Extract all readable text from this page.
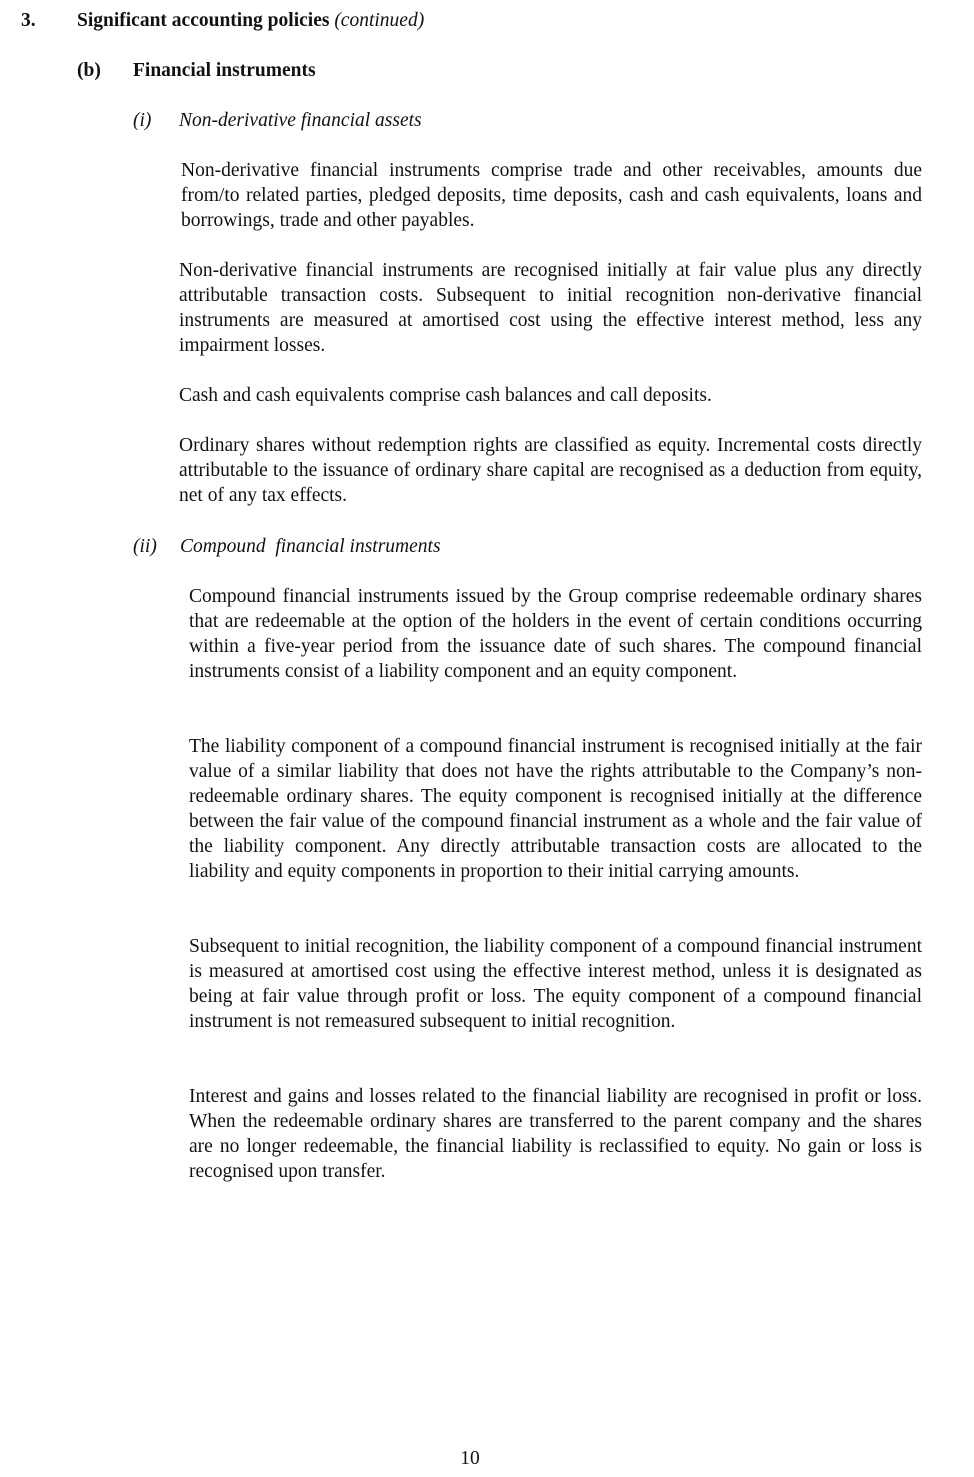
3. Significant accounting policies (continued)
(b) Financial instruments
(i) Non-derivative financial assets

Non-derivative financial instruments comprise trade and other receivables, amounts due from/to related parties, pledged deposits, time deposits, cash and cash equivalents, loans and borrowings, trade and other payables.

Non-derivative financial instruments are recognised initially at fair value plus any directly attributable transaction costs. Subsequent to initial recognition non-derivative financial instruments are measured at amortised cost using the effective interest method, less any impairment losses.

Cash and cash equivalents comprise cash balances and call deposits.

Ordinary shares without redemption rights are classified as equity. Incremental costs directly attributable to the issuance of ordinary share capital are recognised as a deduction from equity, net of any tax effects.

(ii) Compound  financial instruments

Compound financial instruments issued by the Group comprise redeemable ordinary shares that are redeemable at the option of the holders in the event of certain conditions occurring within a five-year period from the issuance date of such shares. The compound financial instruments consist of a liability component and an equity component.

The liability component of a compound financial instrument is recognised initially at the fair value of a similar liability that does not have the rights attributable to the Company’s non-redeemable ordinary shares. The equity component is recognised initially at the difference between the fair value of the compound financial instrument as a whole and the fair value of the liability component. Any directly attributable transaction costs are allocated to the liability and equity components in proportion to their initial carrying amounts.

Subsequent to initial recognition, the liability component of a compound financial instrument is measured at amortised cost using the effective interest method, unless it is designated as being at fair value through profit or loss. The equity component of a compound financial instrument is not remeasured subsequent to initial recognition.

Interest and gains and losses related to the financial liability are recognised in profit or loss. When the redeemable ordinary shares are transferred to the parent company and the shares are no longer redeemable, the financial liability is reclassified to equity. No gain or loss is recognised upon transfer.

10
